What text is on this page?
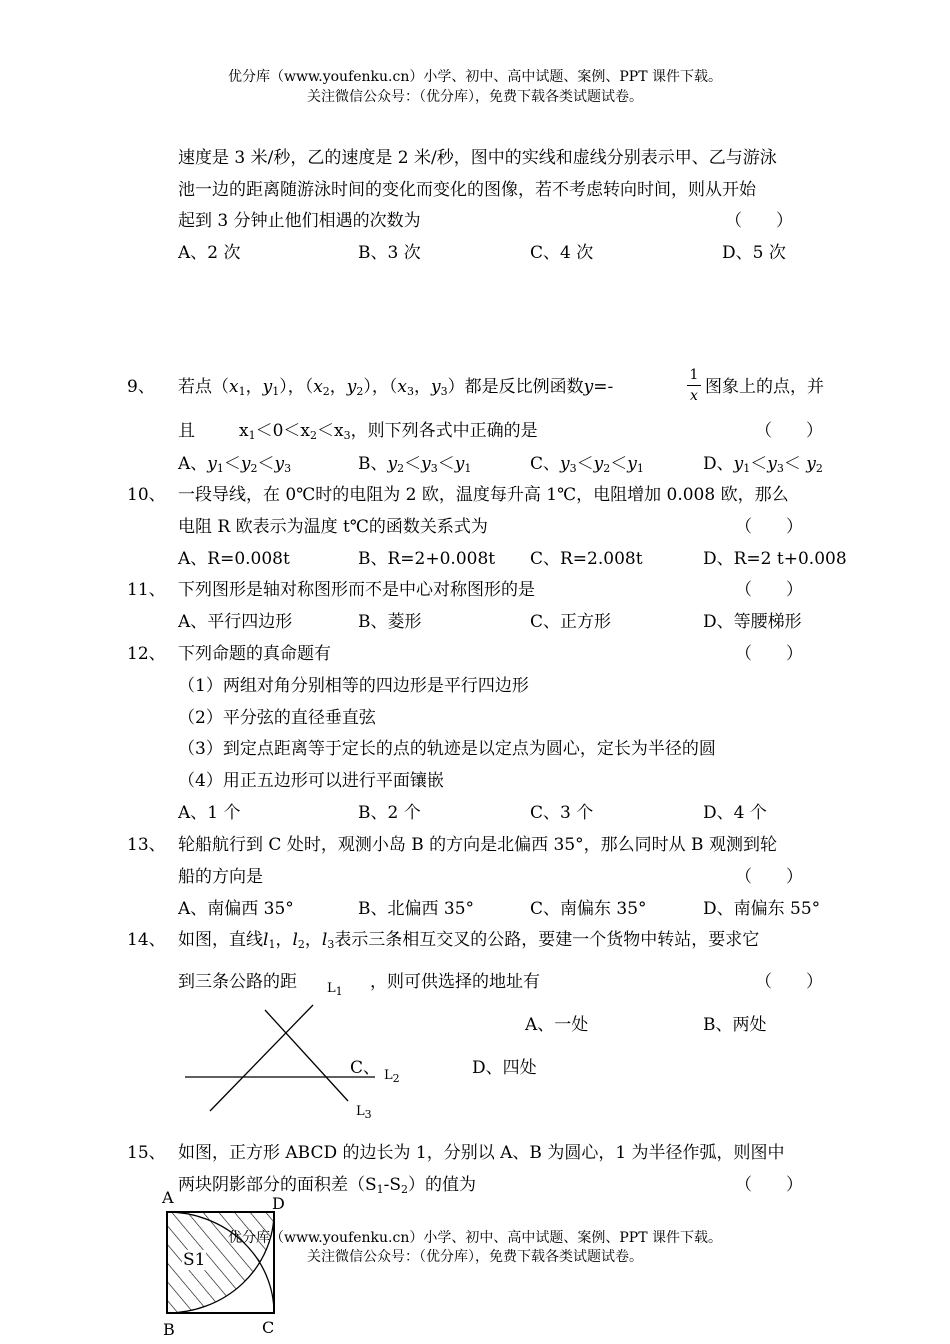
优分库（www.youfenku.cn）小学、初中、高中试题、案例、PPT 课件下载。
关注微信公众号：（优分库），免费下载各类试题试卷。
速度是 3 米/秒，乙的速度是 2 米/秒，图中的实线和虚线分别表示甲、乙与游泳
池一边的距离随游泳时间的变化而变化的图像，若不考虑转向时间，则从开始
起到 3 分钟止他们相遇的次数为	（　　）
A、2 次	B、3 次	C、4 次	D、5 次
9、 若点（$x_1$，$y_1$），（$x_2$，$y_2$），（$x_3$，$y_3$）都是反比例函数y=-
1
x 图象上的点，并
且	$x_1<0<x_2<x_3$，则下列各式中正确的是	（　　）
A、$y_1<y_2<y_3$	B、$y_2<y_3<y_1$	C、$y_3<y_2<y_1$	D、$y_1<y_3< y_2$
10、 一段导线，在 0℃时的电阻为 2 欧，温度每升高 1℃，电阻增加 0.008 欧，那么
电阻 R 欧表示为温度 t℃的函数关系式为	（　　）
A、R=0.008t	B、R=2+0.008t C、R=2.008t	D、R=2 t+0.008
11、 下列图形是轴对称图形而不是中心对称图形的是	（　　）
A、平行四边形	B、菱形	C、正方形	D、等腰梯形
12、 下列命题的真命题有	（　　）
（1）两组对角分别相等的四边形是平行四边形
（2）平分弦的直径垂直弦
（3）到定点距离等于定长的点的轨迹是以定点为圆心，定长为半径的圆
（4）用正五边形可以进行平面镶嵌
A、1 个	B、2 个	C、3 个	D、4 个
13、 轮船航行到 C 处时，观测小岛 B 的方向是北偏西 35°，那么同时从 B 观测到轮
船的方向是	（　　）
A、南偏西 35°	B、北偏西 35°	C、南偏东 35°	D、南偏东 55°
14、 如图，直线$l_1$，$l_2$，$l_3$表示三条相互交叉的公路，要建一个货物中转站，要求它
到三条公路的距	，则可供选择的地址有	（　　）
$L_1$
A、一处	B、两处
C、 $L_2$
D、四处
$L_3$
15、 如图，正方形 ABCD 的边长为 1，分别以 A、B 为圆心，1 为半径作弧，则图中
两块阴影部分的面积差$(S_1-S_2)$的值为	（　　）
A	D
B	C
S1
优分库（www.youfenku.cn）小学、初中、高中试题、案例、PPT 课件下载。
关注微信公众号：（优分库），免费下载各类试题试卷。
